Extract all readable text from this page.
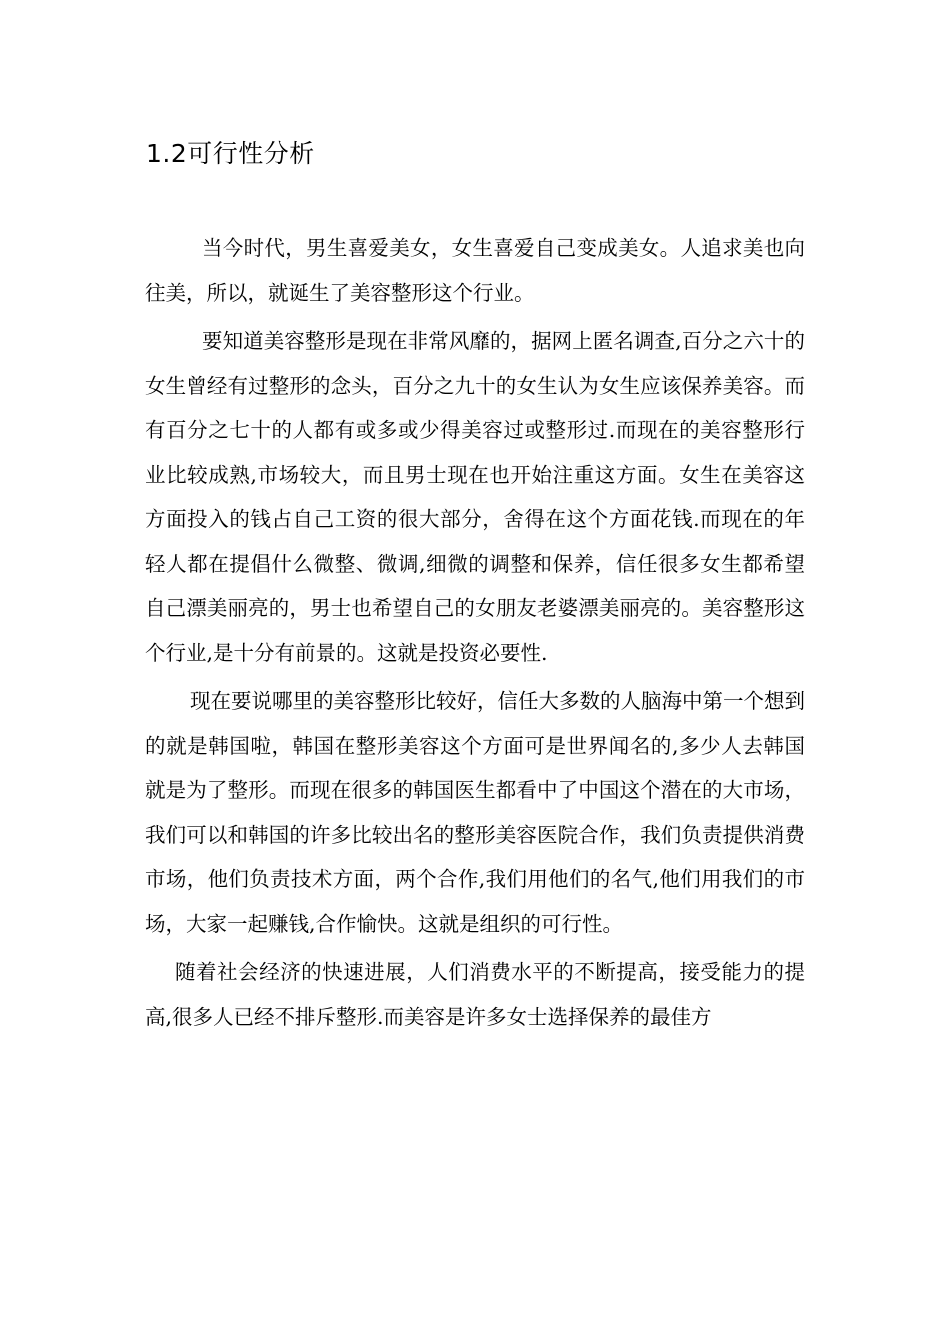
1.2可行性分析

当今时代，男生喜爱美女，女生喜爱自己变成美女。人追求美也向往美，所以，就诞生了美容整形这个行业。

要知道美容整形是现在非常风靡的，据网上匿名调查,百分之六十的女生曾经有过整形的念头，百分之九十的女生认为女生应该保养美容。而有百分之七十的人都有或多或少得美容过或整形过.而现在的美容整形行业比较成熟,市场较大，而且男士现在也开始注重这方面。女生在美容这方面投入的钱占自己工资的很大部分，舍得在这个方面花钱.而现在的年轻人都在提倡什么微整、微调,细微的调整和保养，信任很多女生都希望自己漂美丽亮的，男士也希望自己的女朋友老婆漂美丽亮的。美容整形这个行业,是十分有前景的。这就是投资必要性.

现在要说哪里的美容整形比较好，信任大多数的人脑海中第一个想到的就是韩国啦，韩国在整形美容这个方面可是世界闻名的,多少人去韩国就是为了整形。而现在很多的韩国医生都看中了中国这个潜在的大市场，我们可以和韩国的许多比较出名的整形美容医院合作，我们负责提供消费市场，他们负责技术方面，两个合作,我们用他们的名气,他们用我们的市场，大家一起赚钱,合作愉快。这就是组织的可行性。

随着社会经济的快速进展，人们消费水平的不断提高，接受能力的提高,很多人已经不排斥整形.而美容是许多女士选择保养的最佳方
